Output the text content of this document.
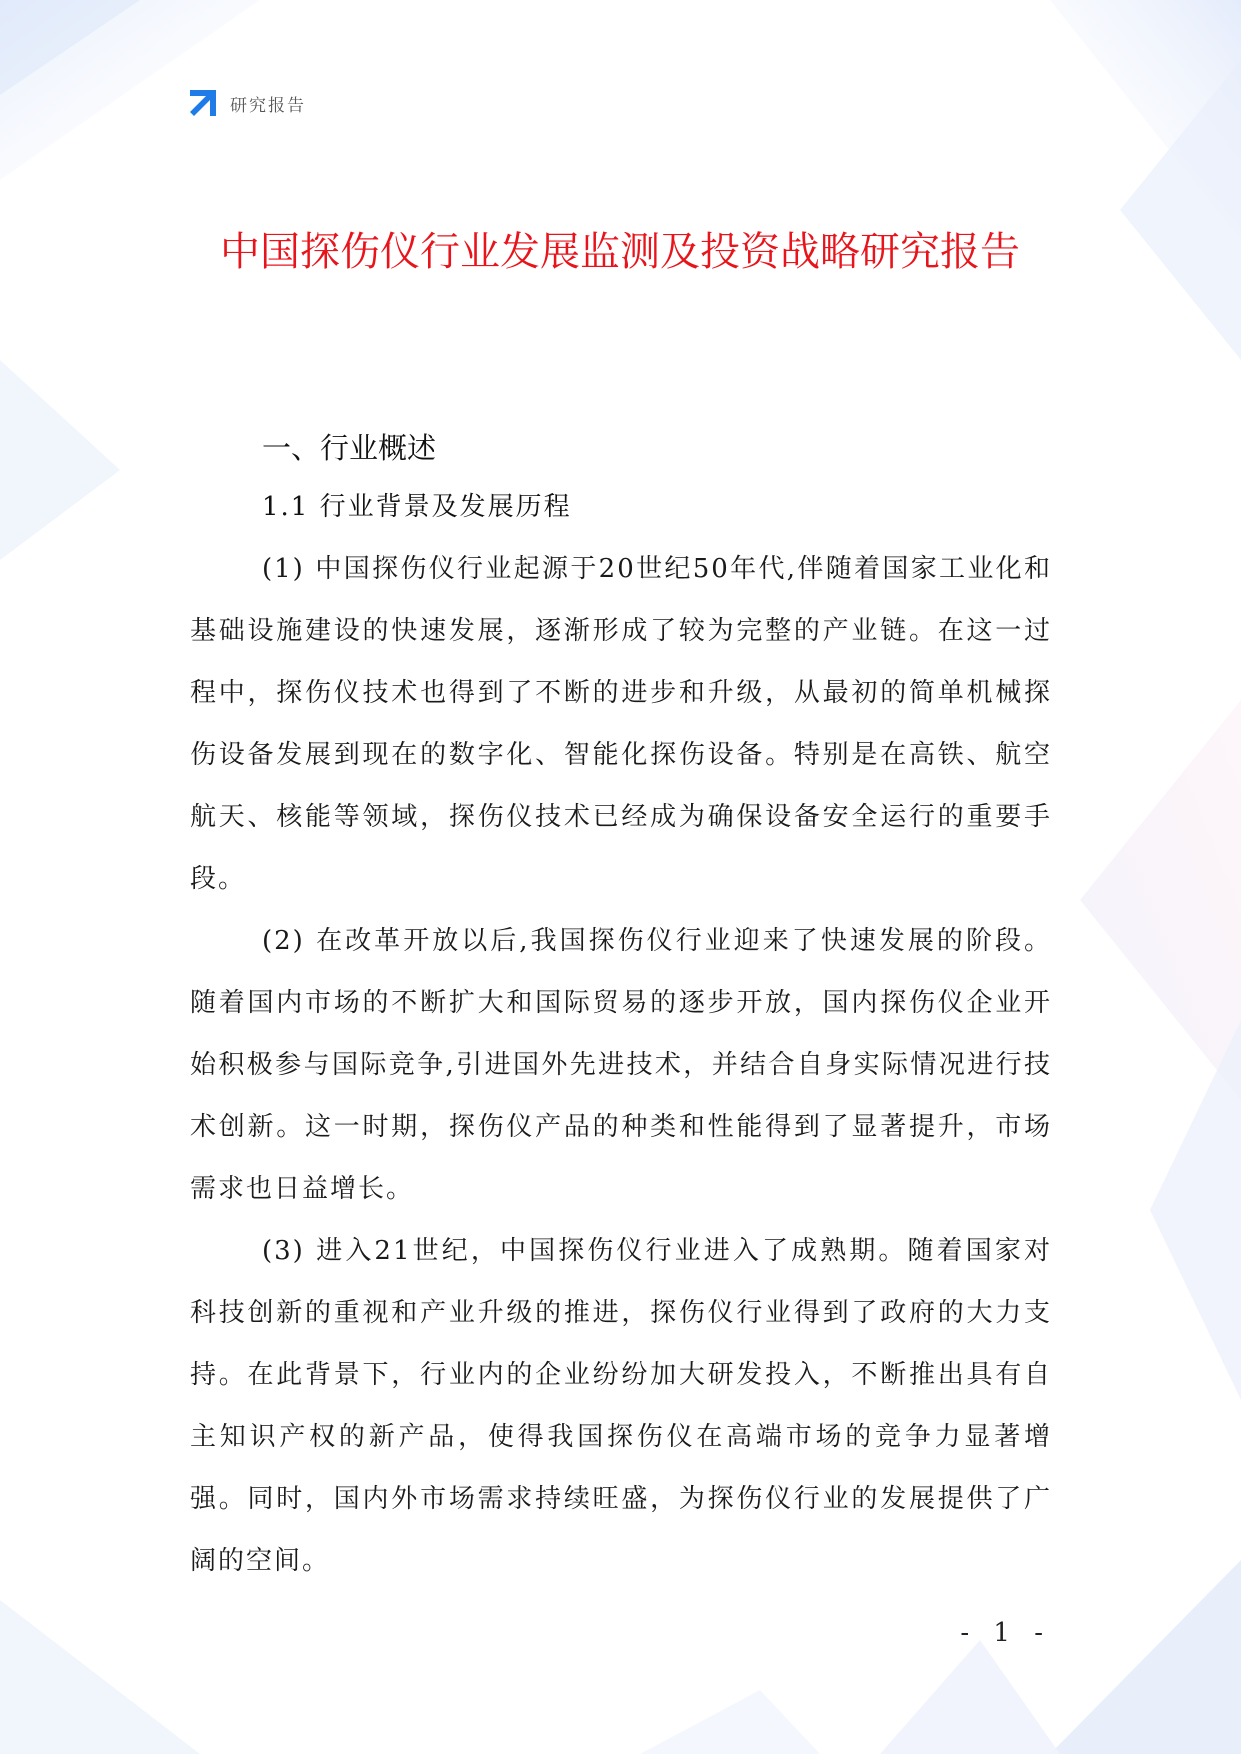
研究报告
中国探伤仪行业发展监测及投资战略研究报告
一、行业概述
1.1 行业背景及发展历程

(1) 中国探伤仪行业起源于20世纪50年代,伴随着国家工业化和基础设施建设的快速发展，逐渐形成了较为完整的产业链。在这一过程中，探伤仪技术也得到了不断的进步和升级，从最初的简单机械探伤设备发展到现在的数字化、智能化探伤设备。特别是在高铁、航空航天、核能等领域，探伤仪技术已经成为确保设备安全运行的重要手段。

(2) 在改革开放以后,我国探伤仪行业迎来了快速发展的阶段。随着国内市场的不断扩大和国际贸易的逐步开放，国内探伤仪企业开始积极参与国际竞争,引进国外先进技术，并结合自身实际情况进行技术创新。这一时期，探伤仪产品的种类和性能得到了显著提升，市场需求也日益增长。

(3) 进入21世纪，中国探伤仪行业进入了成熟期。随着国家对科技创新的重视和产业升级的推进，探伤仪行业得到了政府的大力支持。在此背景下，行业内的企业纷纷加大研发投入，不断推出具有自主知识产权的新产品，使得我国探伤仪在高端市场的竞争力显著增强。同时，国内外市场需求持续旺盛，为探伤仪行业的发展提供了广阔的空间。

- 1 -
